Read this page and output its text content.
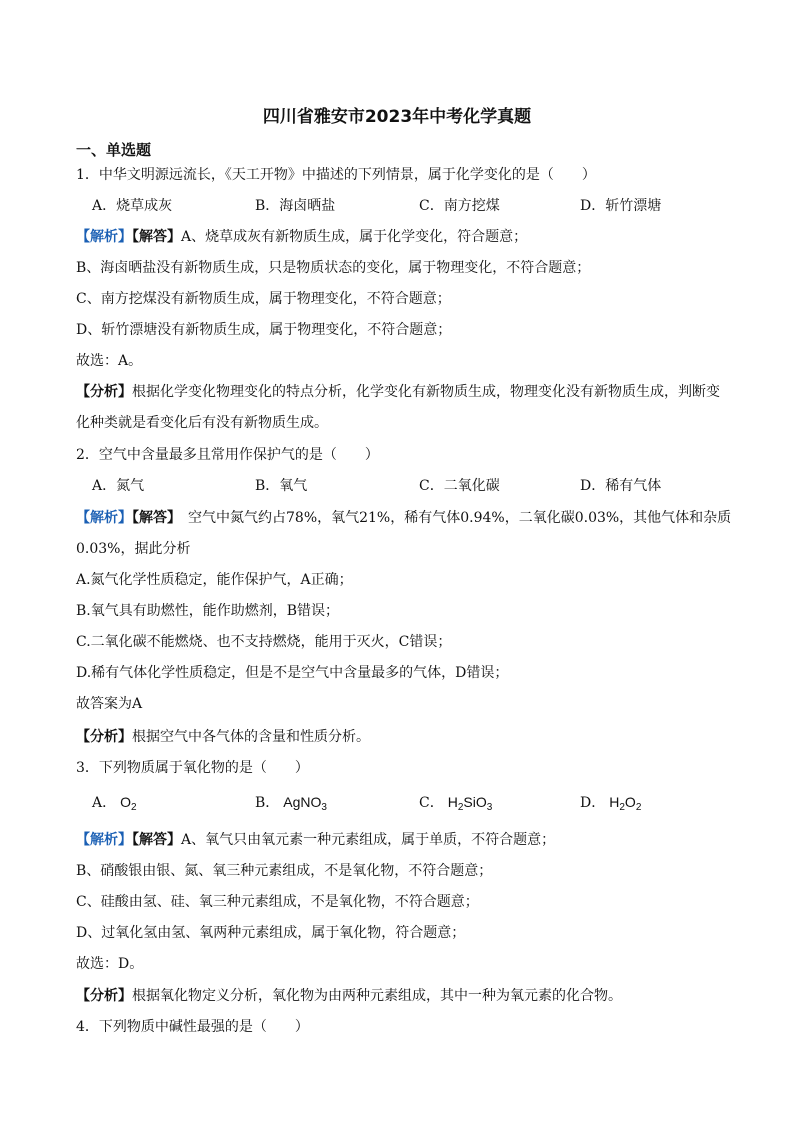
四川省雅安市2023年中考化学真题
一、单选题
1．中华文明源远流长，《天工开物》中描述的下列情景，属于化学变化的是（　　）
A．烧草成灰	B．海卤晒盐	C．南方挖煤	D．斩竹漂塘
【解析】【解答】A、烧草成灰有新物质生成，属于化学变化，符合题意；
B、海卤晒盐没有新物质生成，只是物质状态的变化，属于物理变化，不符合题意；
C、南方挖煤没有新物质生成，属于物理变化，不符合题意；
D、斩竹漂塘没有新物质生成，属于物理变化，不符合题意；
故选：A。
【分析】根据化学变化物理变化的特点分析，化学变化有新物质生成，物理变化没有新物质生成，判断变
化种类就是看变化后有没有新物质生成。
2．空气中含量最多且常用作保护气的是（　　）
A．氮气	B．氧气	C．二氧化碳	D．稀有气体
【解析】【解答】　空气中氮气约占78%，氧气21%，稀有气体0.94%，二氧化碳0.03%，其他气体和杂质
0.03%，据此分析
A.氮气化学性质稳定，能作保护气，A正确；
B.氧气具有助燃性，能作助燃剂，B错误；
C.二氧化碳不能燃烧、也不支持燃烧，能用于灭火，C错误；
D.稀有气体化学性质稳定，但是不是空气中含量最多的气体，D错误；
故答案为A
【分析】根据空气中各气体的含量和性质分析。
3．下列物质属于氧化物的是（　　）
A． $O_2$	B． AgNO$_3$	C． $H_2SiO_3$	D． $H_2O_2$
【解析】【解答】A、氧气只由氧元素一种元素组成，属于单质，不符合题意；
B、硝酸银由银、氮、氧三种元素组成，不是氧化物，不符合题意；
C、硅酸由氢、硅、氧三种元素组成，不是氧化物，不符合题意；
D、过氧化氢由氢、氧两种元素组成，属于氧化物，符合题意；
故选：D。
【分析】根据氧化物定义分析，氧化物为由两种元素组成，其中一种为氧元素的化合物。
4．下列物质中碱性最强的是（　　）
